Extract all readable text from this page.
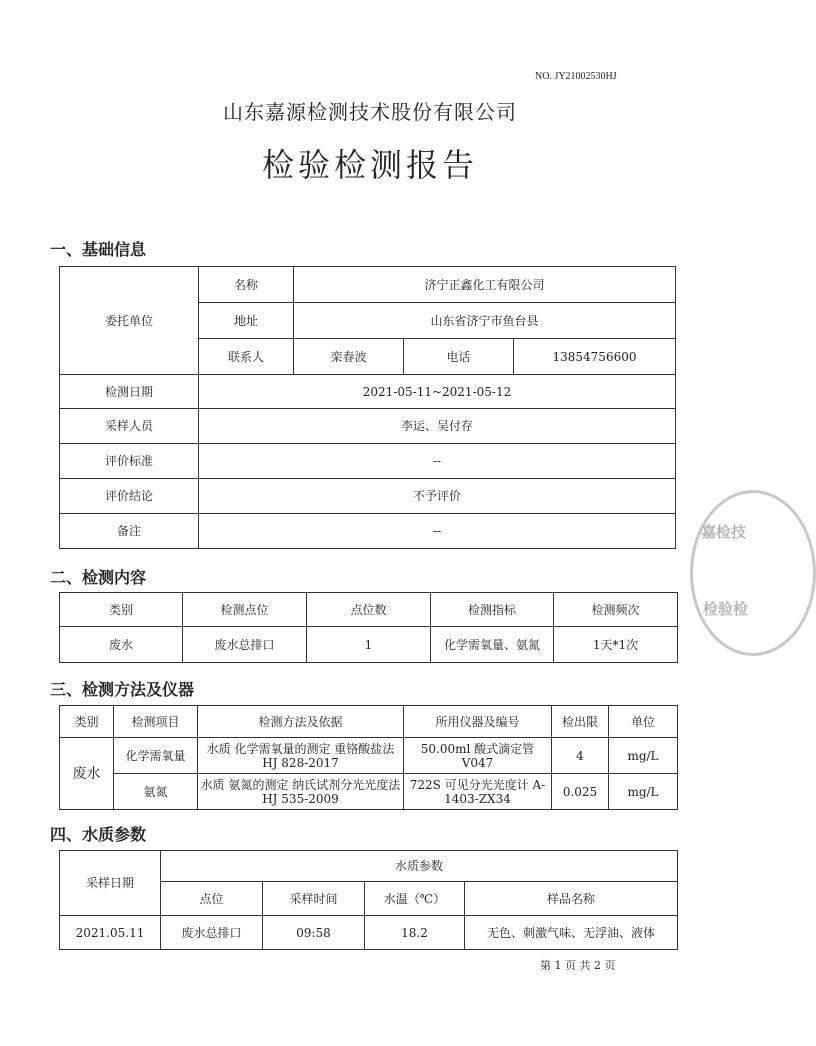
NO. JY21002530HJ
山东嘉源检测技术股份有限公司
检验检测报告
一、基础信息
委托单位	名称	济宁正鑫化工有限公司		
	地址	山东省济宁市鱼台县		
	联系人	栾春波	电话	13854756600
检测日期	2021-05-11~2021-05-12			
采样人员	李运、吴付存			
评价标准	--			
评价结论	不予评价			
备注	--			
二、检测内容
类别	检测点位	点位数	检测指标	检测频次
废水	废水总排口	1	化学需氧量、氨氮	1天*1次
三、检测方法及仪器
类别	检测项目	检测方法及依据	所用仪器及编号	检出限	单位
废水	化学需氧量	水质 化学需氧量的测定 重铬酸盐法 HJ 828-2017	50.00ml 酸式滴定管 V047	4	mg/L
	氨氮	水质 氨氮的测定 纳氏试剂分光光度法 HJ 535-2009	722S 可见分光光度计 A-1403-ZX34	0.025	mg/L
四、水质参数
采样日期	水质参数			
	点位	采样时间	水温（℃）	样品名称
2021.05.11	废水总排口	09:58	18.2	无色、刺激气味、无浮油、液体
第 1 页 共 2 页
嘉检技
检验检
